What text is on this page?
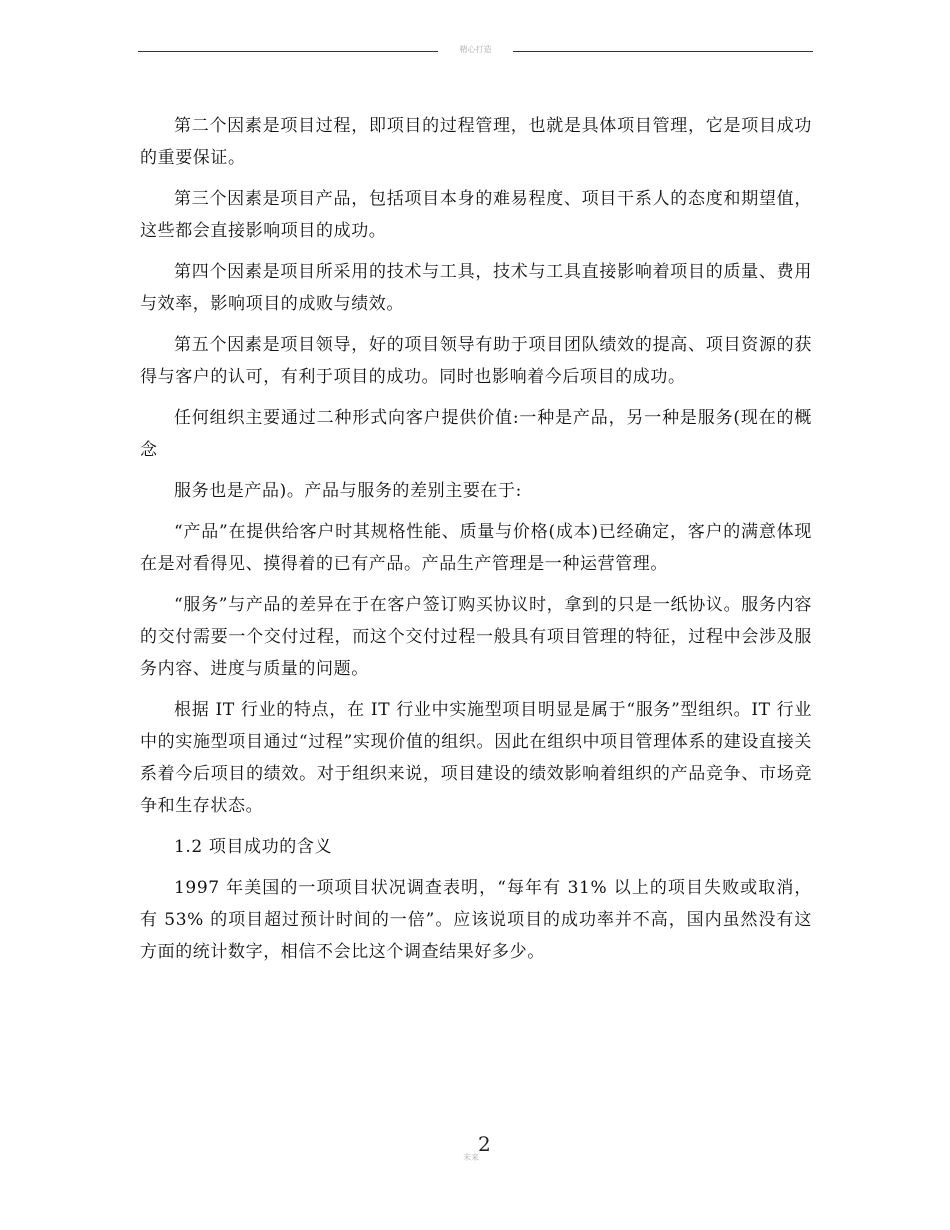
精心打造

第二个因素是项目过程，即项目的过程管理，也就是具体项目管理，它是项目成功的重要保证。

第三个因素是项目产品，包括项目本身的难易程度、项目干系人的态度和期望值，这些都会直接影响项目的成功。

第四个因素是项目所采用的技术与工具，技术与工具直接影响着项目的质量、费用与效率，影响项目的成败与绩效。

第五个因素是项目领导，好的项目领导有助于项目团队绩效的提高、项目资源的获得与客户的认可，有利于项目的成功。同时也影响着今后项目的成功。

任何组织主要通过二种形式向客户提供价值:一种是产品，另一种是服务(现在的概念

服务也是产品)。产品与服务的差别主要在于:

“产品”在提供给客户时其规格性能、质量与价格(成本)已经确定，客户的满意体现在是对看得见、摸得着的已有产品。产品生产管理是一种运营管理。

“服务”与产品的差异在于在客户签订购买协议时，拿到的只是一纸协议。服务内容的交付需要一个交付过程，而这个交付过程一般具有项目管理的特征，过程中会涉及服务内容、进度与质量的问题。

根据 IT 行业的特点，在 IT 行业中实施型项目明显是属于“服务”型组织。IT 行业中的实施型项目通过“过程”实现价值的组织。因此在组织中项目管理体系的建设直接关系着今后项目的绩效。对于组织来说，项目建设的绩效影响着组织的产品竞争、市场竞争和生存状态。

1.2 项目成功的含义

1997 年美国的一项项目状况调查表明，“每年有 31% 以上的项目失败或取消，有 53% 的项目超过预计时间的一倍”。应该说项目的成功率并不高，国内虽然没有这方面的统计数字，相信不会比这个调查结果好多少。

2
未来
